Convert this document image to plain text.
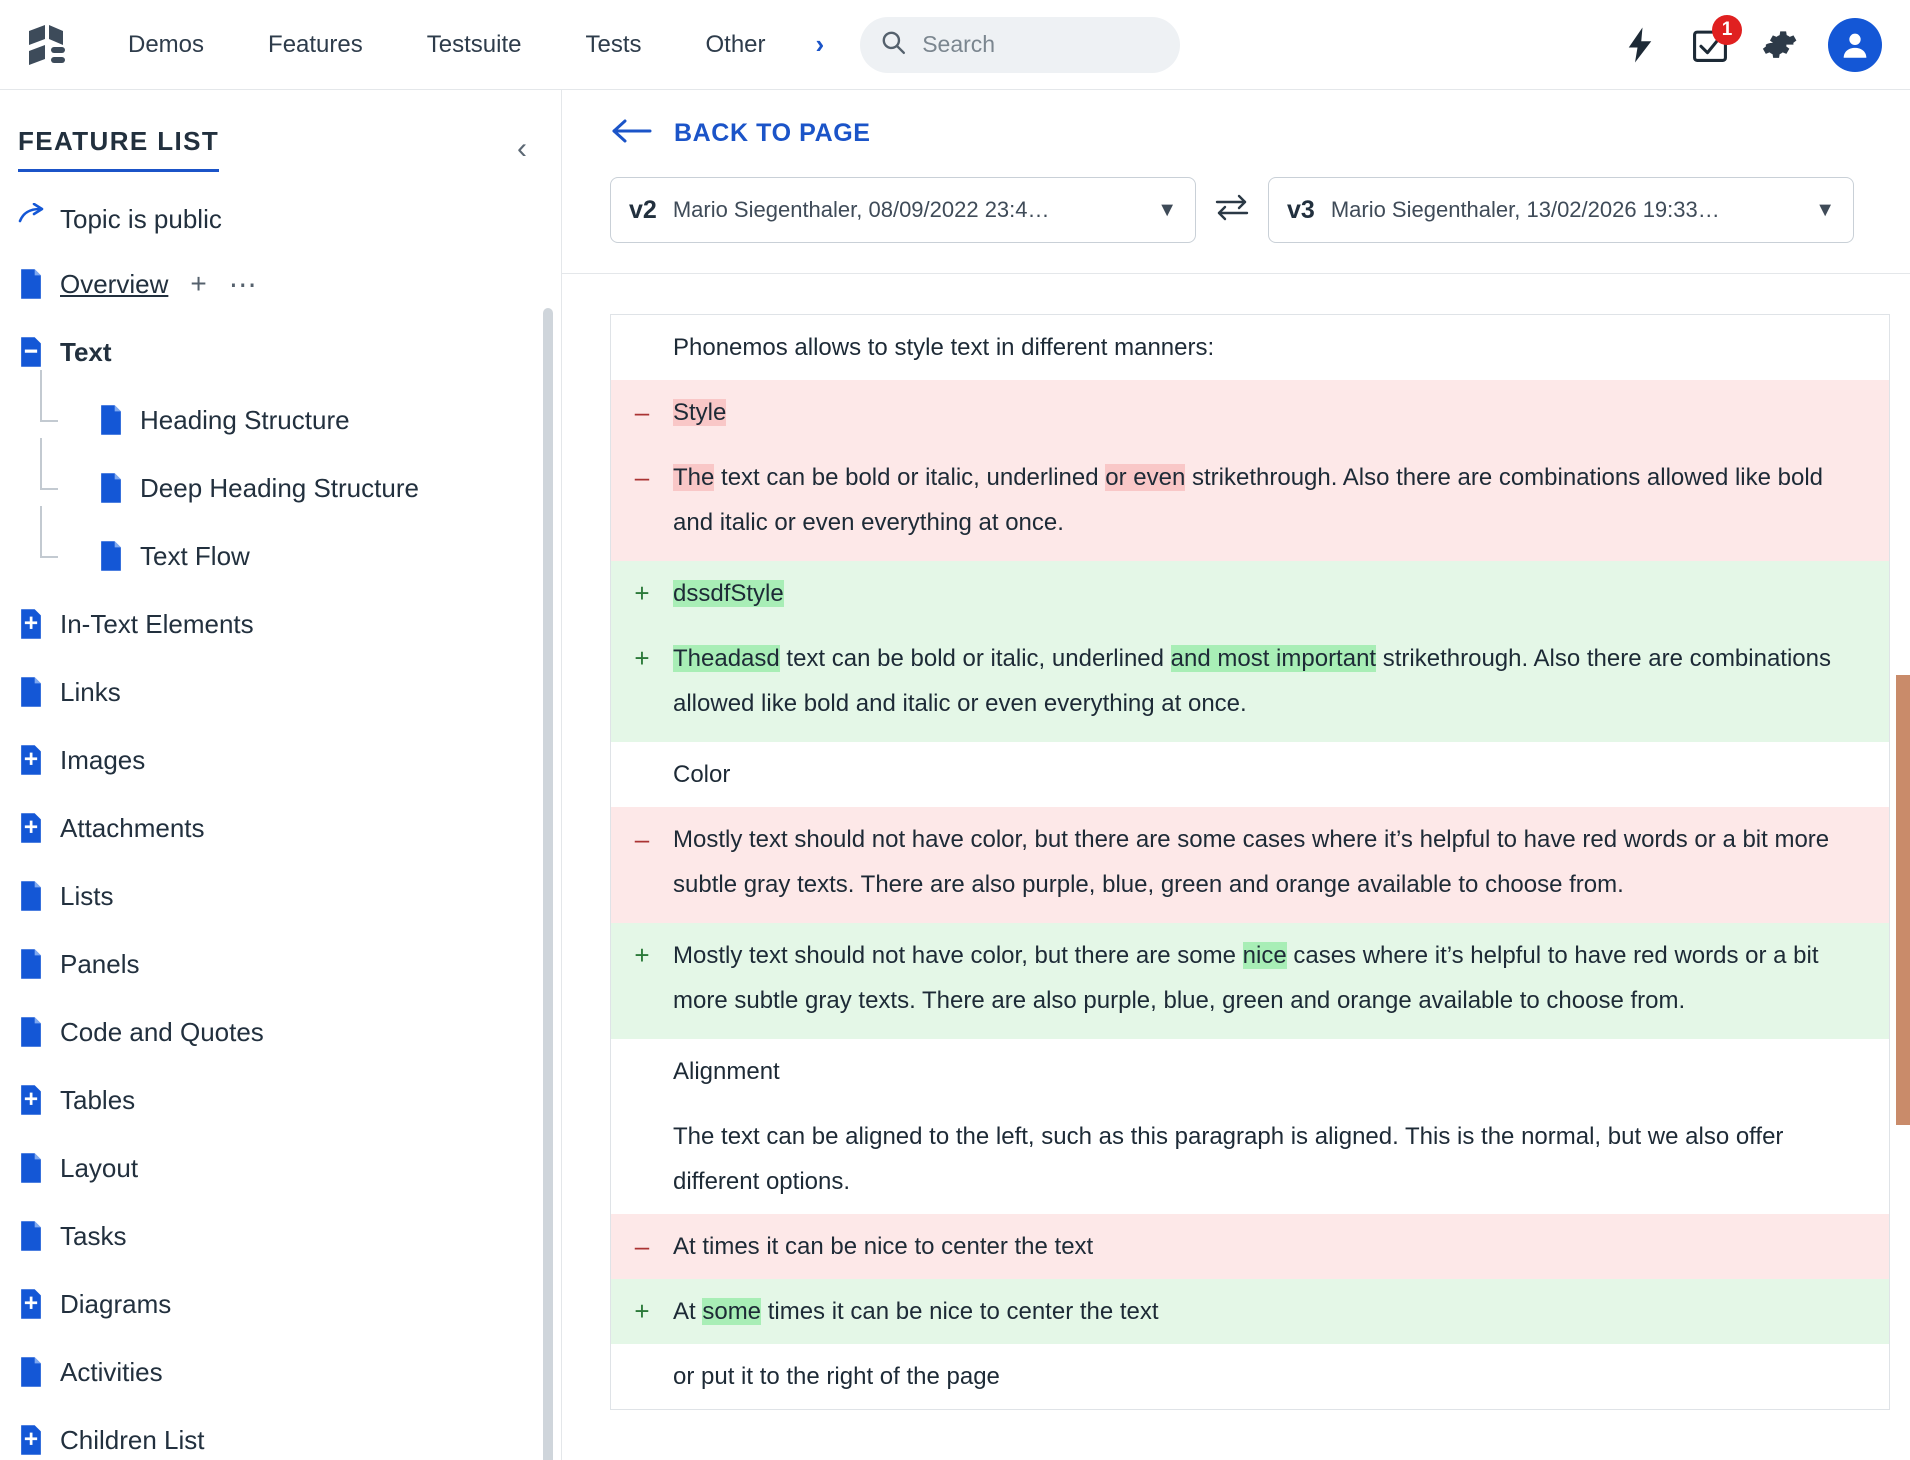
Demos	Features	Testsuite	Tests	Other	›
Search	1
FEATURE LIST	‹
Topic is public
Overview + ⋯
Text
Heading Structure
Deep Heading Structure
Text Flow
In-Text Elements
Links
Images
Attachments
Lists
Panels
Code and Quotes
Tables
Layout
Tasks
Diagrams
Activities
Children List
BACK TO PAGE
v2 Mario Siegenthaler, 08/09/2022 23:4…	▼	v3 Mario Siegenthaler, 13/02/2026 19:33…	▼
Phonemos allows to style text in different manners:
– Style
– The text can be bold or italic, underlined or even strikethrough. Also there are combinations allowed like bold and italic or even everything at once.
+ dssdfStyle
+ Theadasd text can be bold or italic, underlined and most important strikethrough. Also there are combinations allowed like bold and italic or even everything at once.
Color
– Mostly text should not have color, but there are some cases where it’s helpful to have red words or a bit more subtle gray texts. There are also purple, blue, green and orange available to choose from.
+ Mostly text should not have color, but there are some nice cases where it’s helpful to have red words or a bit more subtle gray texts. There are also purple, blue, green and orange available to choose from.
Alignment
The text can be aligned to the left, such as this paragraph is aligned. This is the normal, but we also offer different options.
– At times it can be nice to center the text
+ At some times it can be nice to center the text
or put it to the right of the page
